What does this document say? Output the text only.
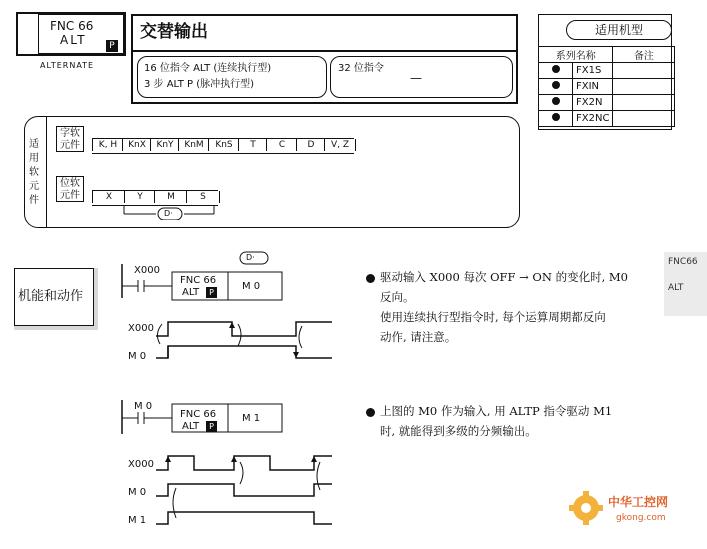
FNC 66
ALT	P
ALTERNATE
交替输出
16 位指令 ALT (连续执行型)
3 步 ALT P (脉冲执行型)
32 位指令
—
适用机型
系列名称		备注
	FX1S	
	FXIN	
	FX2N	
	FX2NC	
适用软元件
字软元件	K, H	KnX	KnY	KnM	KnS	T	C	D	V, Z
位软元件	X	Y	M	S
D·
机能和动作
FNC66
ALT
X000
FNC 66
ALT	P
M 0
D·
X000
M 0
M 0
FNC 66
ALT	P
M 1
X000
M 0
M 1
驱动输入 X000 每次 OFF → ON 的变化时, M0
反向。
使用连续执行型指令时, 每个运算周期都反向
动作, 请注意。
上图的 M0 作为输入, 用 ALTP 指令驱动 M1
时, 就能得到多级的分频输出。
中华工控网
gkong.com
